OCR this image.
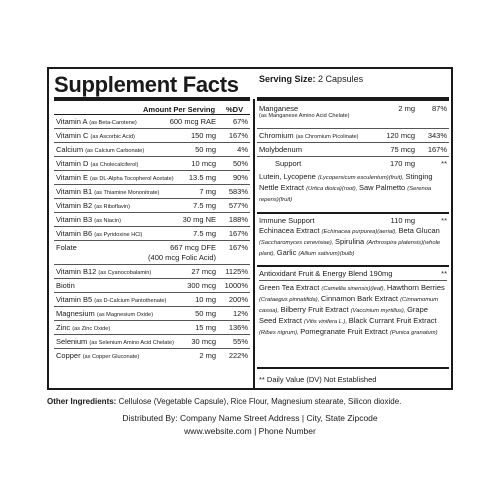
Supplement Facts Serving Size: 2 Capsules
Amount Per Serving %DV
Vitamin A (as Beta-Carotene)	600 mcg RAE 67%
Vitamin C (as Ascorbic Acid)	150 mg 167%
Calcium (as Calcium Carbonate)	50 mg	4%
Vitamin D (as Cholecalciferol)	10 mcg 50%
Vitamin E (as DL-Alpha Tocopherol Acetate) 13.5 mg 90%
Vitamin B1 (as Thiamine Mononitrate)	7 mg 583%
Vitamin B2 (as Riboflavin)	7.5 mg 577%
Vitamin B3 (as Niacin)	30 mg NE 188%
Vitamin B6 (as Pyridoxine HCl)	7.5 mg 167%
Folate	667 mcg DFE 167%
(400 mcg Folic Acid)
Vitamin B12 (as Cyanocobalamin)	27 mcg 1125%
Biotin	300 mcg 1000%
Vitamin B5 (as D-Calcium Pantothenate)	10 mg 200%
Magnesium (as Magnesium Oxide)	50 mg 12%
Zinc (as Zinc Oxide)	15 mg 136%
Selenium (as Selenium Amino Acid Chelate) 30 mcg 55%
Copper (as Copper Gluconate)	2 mg 222%
Manganese
(as Manganese Amino Acid Chelate)
2 mg 87%
Chromium (as Chromium Picolinate)	120 mcg 343%
Molybdenum	75 mcg 167%
Support	170 mg	**
Lutein, Lycopene (Lycopersicum esculentum)(fruit), Stinging Nettle Extract (Urtica dioica)(root), Saw Palmetto (Serenoa repens)(fruit)
Immune Support	110 mg	**
Echinacea Extract (Echinacea purpurea)(aerial), Beta Glucan (Saccharomyces cerevisiae), Spirulina (Arthrospira platensis)(whole plant), Garlic (Allium sativum)(bulb)
Antioxidant Fruit & Energy Blend 190mg	**
Green Tea Extract (Camellia sinensis)(leaf), Hawthorn Berries (Crataegus pinnatifida), Cinnamon Bark Extract (Cinnamomum cassia), Bilberry Fruit Extract (Vaccinium myrtillus), Grape Seed Extract (Vitis vinifera L.), Black Currant Fruit Extract (Ribes nigrum), Pomegranate Fruit Extract (Punica granatum)
** Daily Value (DV) Not Established
Other Ingredients: Cellulose (Vegetable Capsule), Rice Flour, Magnesium stearate, Silicon dioxide.
Distributed By: Company Name Street Address | City, State Zipcode
www.website.com | Phone Number
